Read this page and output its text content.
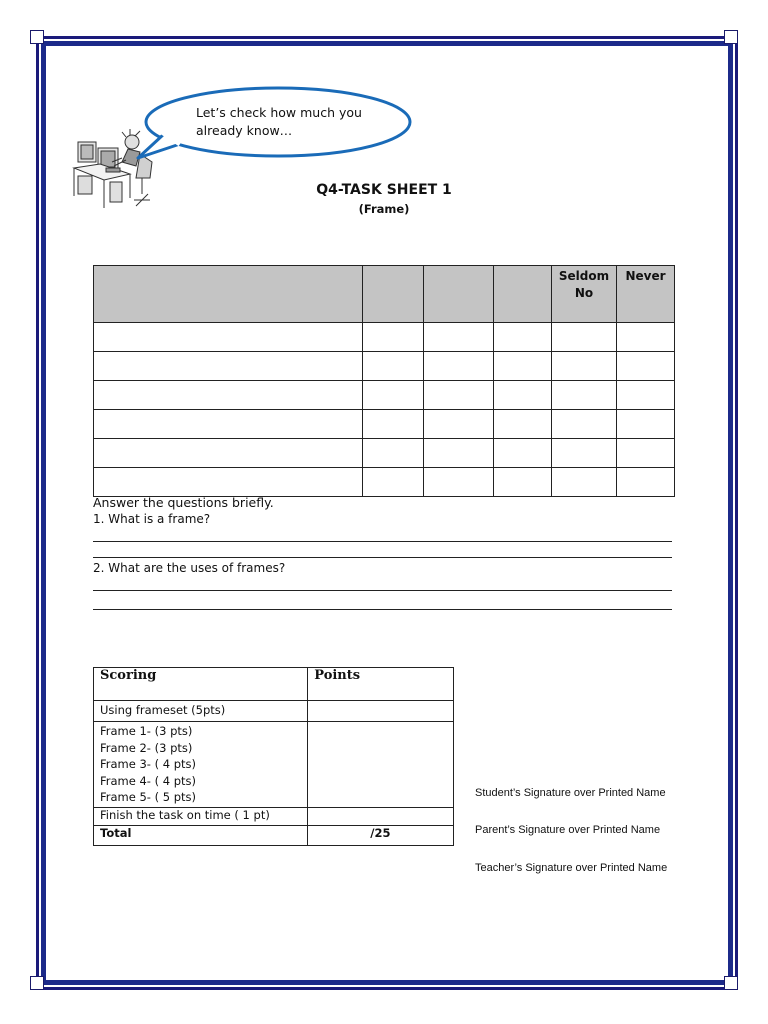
Let’s check how much you
already know…
Q4-TASK SHEET 1
(Frame)
				Seldom No	Never

Answer the questions briefly.
1. What is a frame?
2. What are the uses of frames?
Scoring	Points
Using frameset (5pts)	

Frame 1- (3 pts)
Frame 2- (3 pts)
Frame 3- ( 4 pts)
Frame 4- ( 4 pts)
Frame 5- ( 5 pts)	

Finish the task on time ( 1 pt)	
Total	/25
Student’s Signature over Printed Name
Parent’s Signature over Printed Name
Teacher’s Signature over Printed Name
